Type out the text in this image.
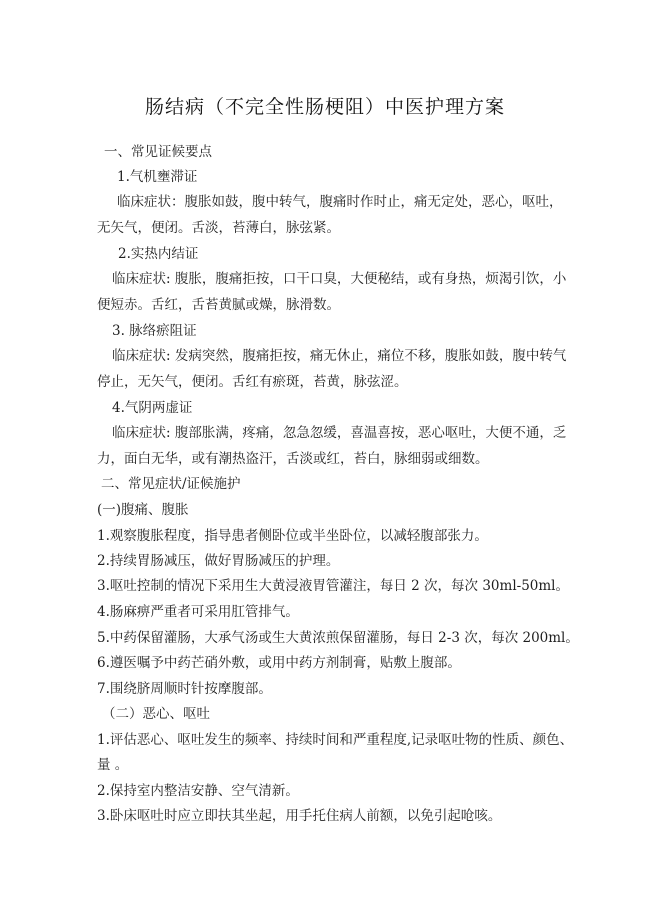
肠结病（不完全性肠梗阻）中医护理方案
一、常见证候要点
1.气机壅滞证
临床症状：腹胀如鼓，腹中转气，腹痛时作时止，痛无定处，恶心，呕吐，
无矢气，便闭。舌淡，苔薄白，脉弦紧。
2.实热内结证
临床症状: 腹胀，腹痛拒按，口干口臭，大便秘结，或有身热，烦渴引饮，小
便短赤。舌红，舌苔黄腻或燥，脉滑数。
3. 脉络瘀阻证
临床症状: 发病突然，腹痛拒按，痛无休止，痛位不移，腹胀如鼓，腹中转气
停止，无矢气，便闭。舌红有瘀斑，苔黄，脉弦涩。
4.气阴两虚证
临床症状: 腹部胀满，疼痛，忽急忽缓，喜温喜按，恶心呕吐，大便不通，乏
力，面白无华，或有潮热盗汗，舌淡或红，苔白，脉细弱或细数。
二、常见症状/证候施护
(一)腹痛、腹胀
1.观察腹胀程度，指导患者侧卧位或半坐卧位，以减轻腹部张力。
2.持续胃肠减压，做好胃肠减压的护理。
3.呕吐控制的情况下采用生大黄浸液胃管灌注，每日 2 次，每次 30ml-50ml。
4.肠麻痹严重者可采用肛管排气。
5.中药保留灌肠，大承气汤或生大黄浓煎保留灌肠，每日 2-3 次，每次 200ml。
6.遵医嘱予中药芒硝外敷，或用中药方剂制膏，贴敷上腹部。
7.围绕脐周顺时针按摩腹部。
（二）恶心、呕吐
1.评估恶心、呕吐发生的频率、持续时间和严重程度,记录呕吐物的性质、颜色、
量 。
2.保持室内整洁安静、空气清新。
3.卧床呕吐时应立即扶其坐起，用手托住病人前额，以免引起呛咳。
